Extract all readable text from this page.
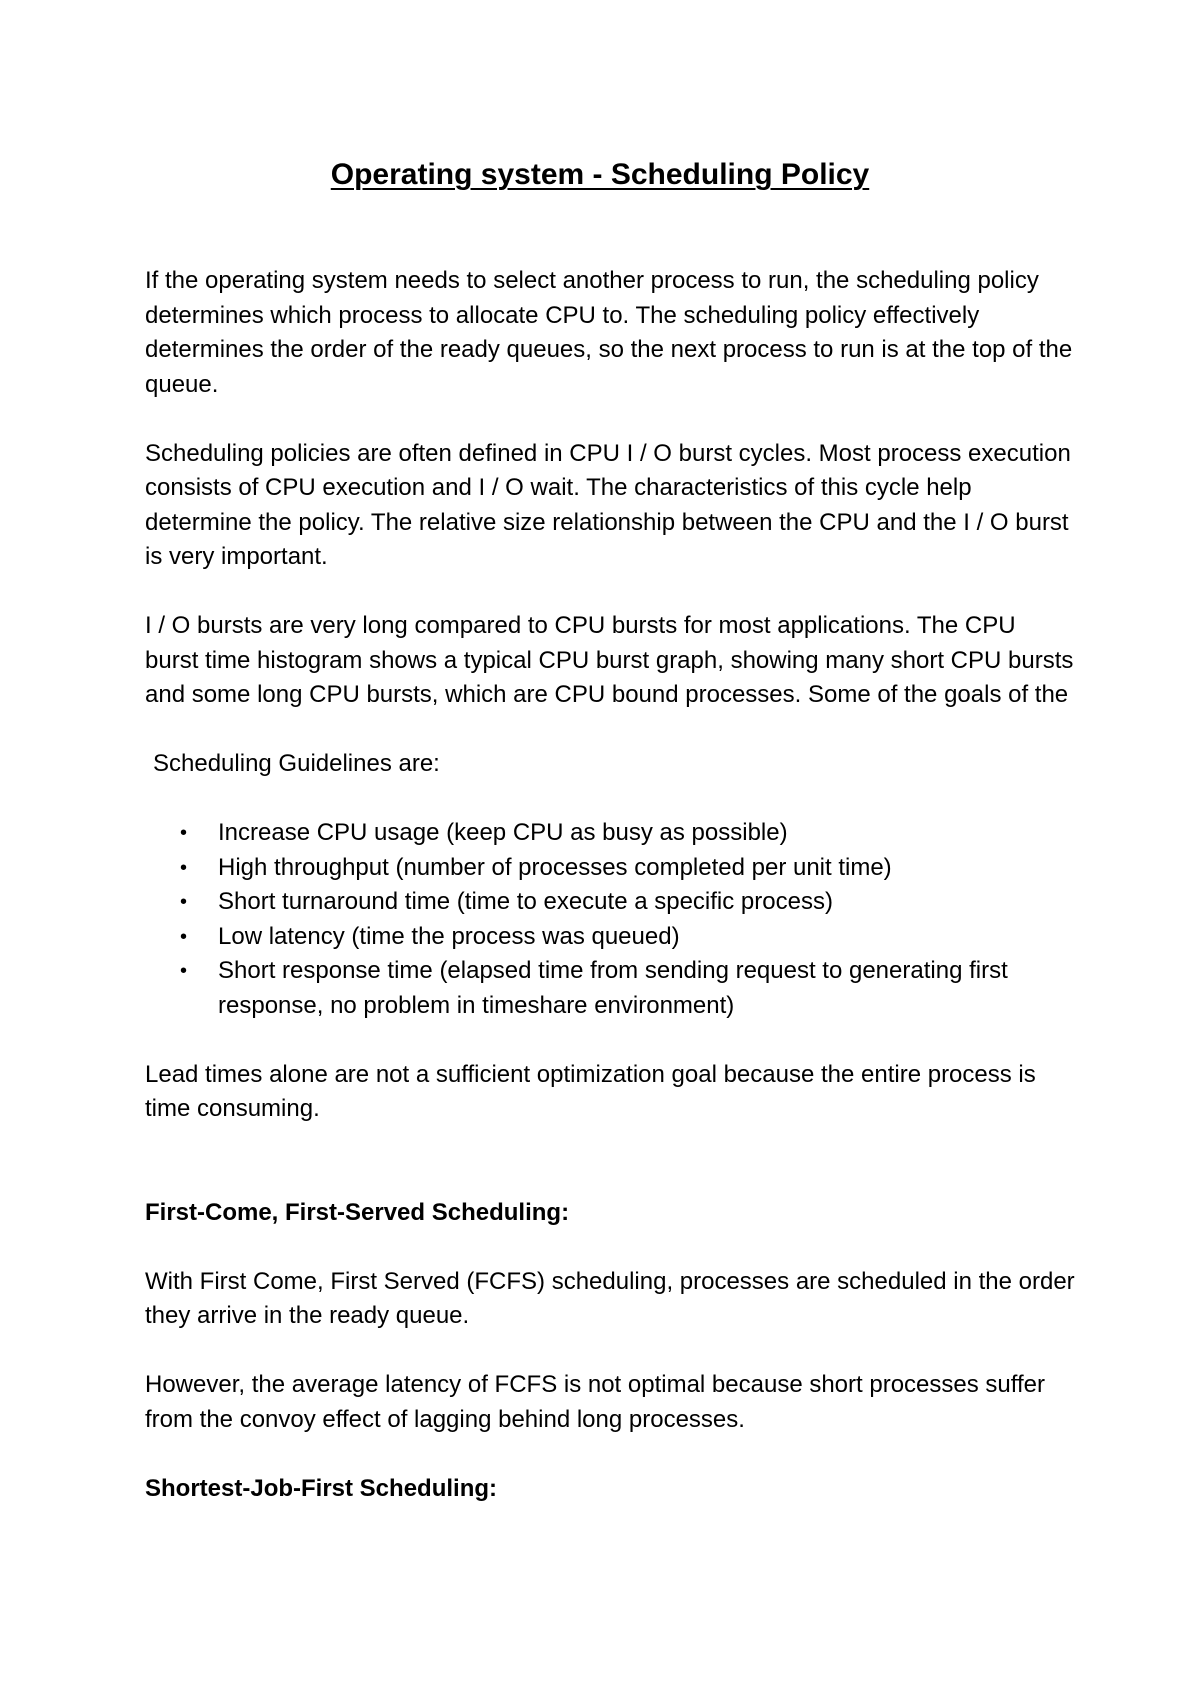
Operating system - Scheduling Policy

If the operating system needs to select another process to run, the scheduling policy determines which process to allocate CPU to. The scheduling policy effectively determines the order of the ready queues, so the next process to run is at the top of the queue.

Scheduling policies are often defined in CPU I / O burst cycles. Most process execution consists of CPU execution and I / O wait. The characteristics of this cycle help determine the policy. The relative size relationship between the CPU and the I / O burst is very important.

I / O bursts are very long compared to CPU bursts for most applications. The CPU burst time histogram shows a typical CPU burst graph, showing many short CPU bursts and some long CPU bursts, which are CPU bound processes. Some of the goals of the

Scheduling Guidelines are:

• Increase CPU usage (keep CPU as busy as possible)
• High throughput (number of processes completed per unit time)
• Short turnaround time (time to execute a specific process)
• Low latency (time the process was queued)
• Short response time (elapsed time from sending request to generating first response, no problem in timeshare environment)

Lead times alone are not a sufficient optimization goal because the entire process is time consuming.

First-Come, First-Served Scheduling:

With First Come, First Served (FCFS) scheduling, processes are scheduled in the order they arrive in the ready queue.

However, the average latency of FCFS is not optimal because short processes suffer from the convoy effect of lagging behind long processes.

Shortest-Job-First Scheduling:
